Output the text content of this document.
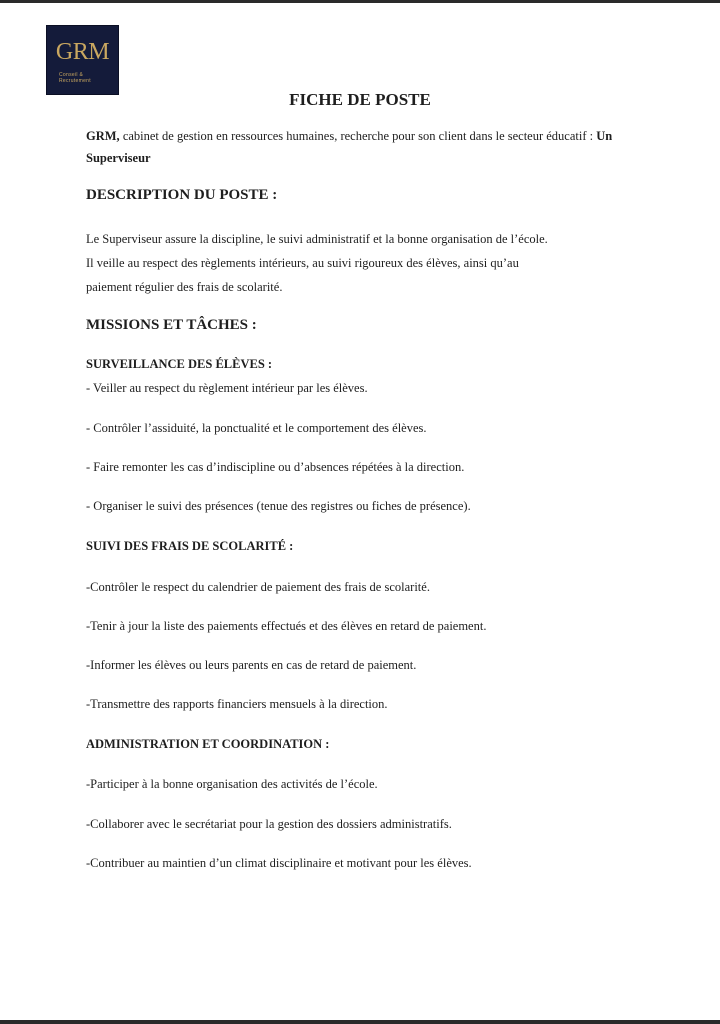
GRM
Conseil & Recrutement
FICHE DE POSTE
GRM, cabinet de gestion en ressources humaines, recherche pour son client dans le secteur éducatif : Un Superviseur
DESCRIPTION DU POSTE :
Le Superviseur assure la discipline, le suivi administratif et la bonne organisation de l’école.
Il veille au respect des règlements intérieurs, au suivi rigoureux des élèves, ainsi qu’au
paiement régulier des frais de scolarité.
MISSIONS ET TÂCHES :
SURVEILLANCE DES ÉLÈVES :
- Veiller au respect du règlement intérieur par les élèves.
- Contrôler l’assiduité, la ponctualité et le comportement des élèves.
- Faire remonter les cas d’indiscipline ou d’absences répétées à la direction.
- Organiser le suivi des présences (tenue des registres ou fiches de présence).
SUIVI DES FRAIS DE SCOLARITÉ :
-Contrôler le respect du calendrier de paiement des frais de scolarité.
-Tenir à jour la liste des paiements effectués et des élèves en retard de paiement.
-Informer les élèves ou leurs parents en cas de retard de paiement.
-Transmettre des rapports financiers mensuels à la direction.
ADMINISTRATION ET COORDINATION :
-Participer à la bonne organisation des activités de l’école.
-Collaborer avec le secrétariat pour la gestion des dossiers administratifs.
-Contribuer au maintien d’un climat disciplinaire et motivant pour les élèves.
